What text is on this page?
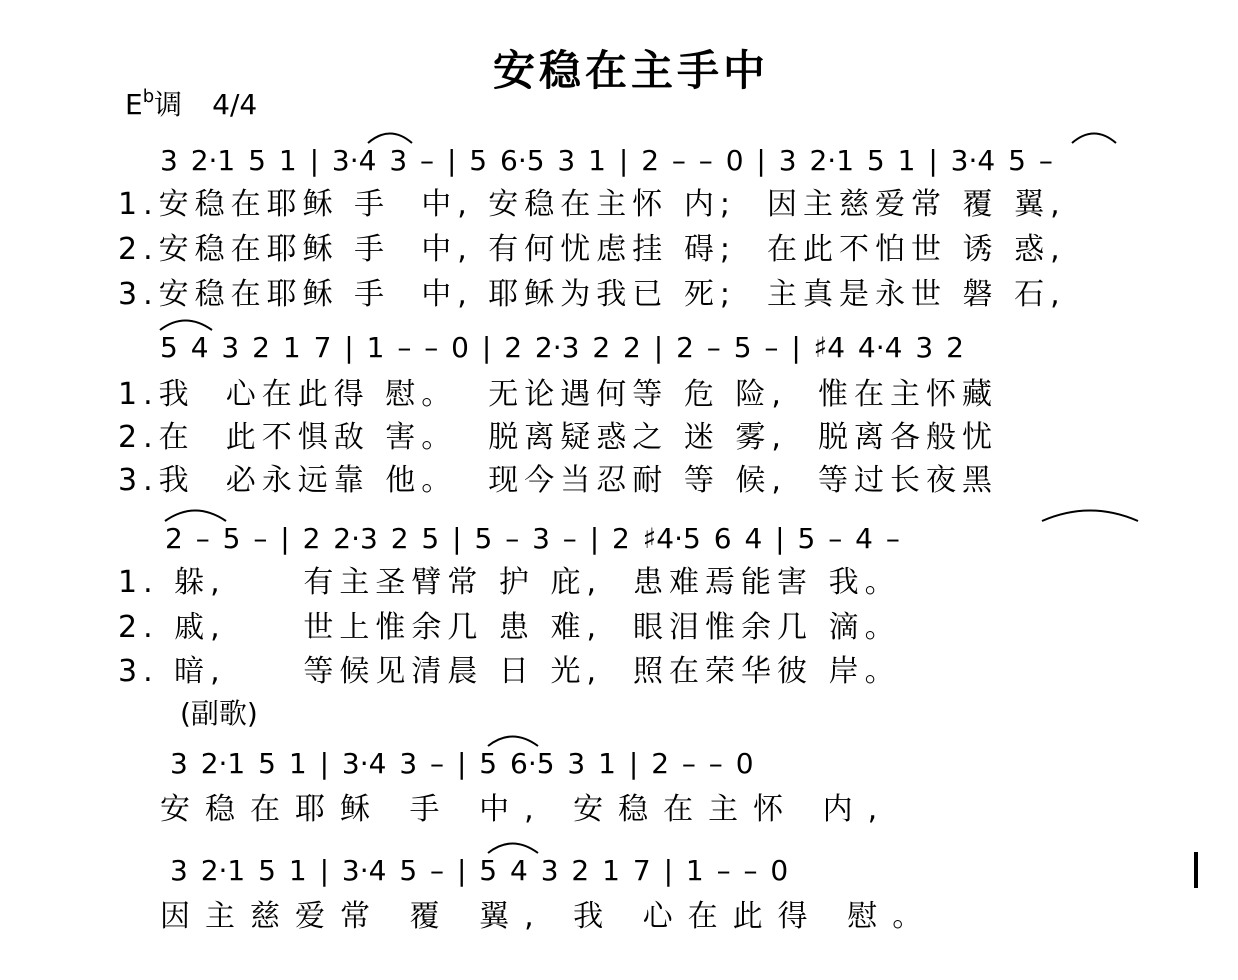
安稳在主手中
$E^b$调 4/4
3 2·1 5 1 | 3·4 3 – | 5 6·5 3 1 | 2 – – 0 | 3 2·1 5 1 | 3·4 5 –
1.安稳在耶稣 手  中, 安稳在主怀 内;  因主慈爱常 覆 翼,
2.安稳在耶稣 手  中, 有何忧虑挂 碍;  在此不怕世 诱 惑,
3.安稳在耶稣 手  中, 耶稣为我已 死;  主真是永世 磐 石,
5 4 3 2 1 7 | 1 – – 0 | 2 2·3 2 2 | 2 – 5 – | ♯4 4·4 3 2
1.我  心在此得 慰。  无论遇何等 危 险,  惟在主怀藏
2.在  此不惧敌 害。  脱离疑惑之 迷 雾,  脱离各般忧
3.我  必永远靠 他。  现今当忍耐 等 候,  等过长夜黑
2 – 5 – | 2 2·3 2 5 | 5 – 3 – | 2 ♯4·5 6 4 | 5 – 4 –
1. 躲,     有主圣臂常 护 庇,  患难焉能害 我。
2. 戚,     世上惟余几 患 难,  眼泪惟余几 滴。
3. 暗,     等候见清晨 日 光,  照在荣华彼 岸。
(副歌)
3 2·1 5 1 | 3·4 3 – | 5 6·5 3 1 | 2 – – 0
安稳在耶稣 手 中, 安稳在主怀 内,
3 2·1 5 1 | 3·4 5 – | 5 4 3 2 1 7 | 1 – – 0
因主慈爱常 覆 翼, 我 心在此得 慰。
